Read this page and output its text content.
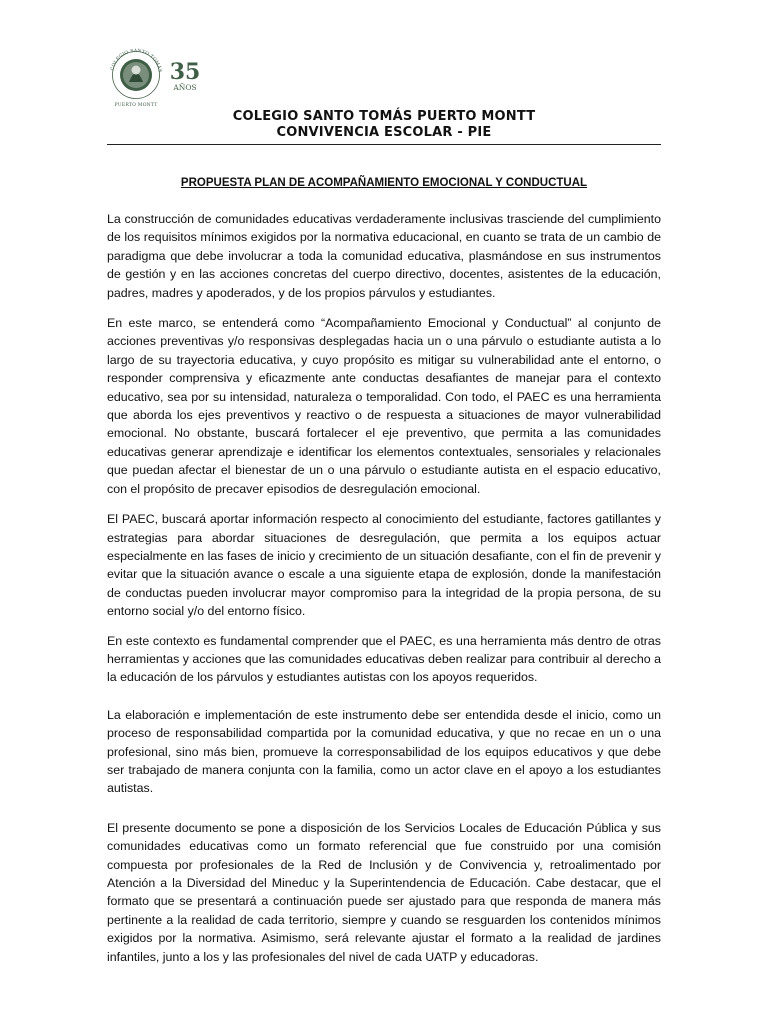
COLEGIO SANTO TOMÁS
PUERTO MONTT
35
AÑOS
COLEGIO SANTO TOMÁS PUERTO MONTT
CONVIVENCIA ESCOLAR - PIE
PROPUESTA PLAN DE ACOMPAÑAMIENTO EMOCIONAL Y CONDUCTUAL

La construcción de comunidades educativas verdaderamente inclusivas trasciende del cumplimiento de los requisitos mínimos exigidos por la normativa educacional, en cuanto se trata de un cambio de paradigma que debe involucrar a toda la comunidad educativa, plasmándose en sus instrumentos de gestión y en las acciones concretas del cuerpo directivo, docentes, asistentes de la educación, padres, madres y apoderados, y de los propios párvulos y estudiantes.

En este marco, se entenderá como “Acompañamiento Emocional y Conductual” al conjunto de acciones preventivas y/o responsivas desplegadas hacia un o una párvulo o estudiante autista a lo largo de su trayectoria educativa, y cuyo propósito es mitigar su vulnerabilidad ante el entorno, o responder comprensiva y eficazmente ante conductas desafiantes de manejar para el contexto educativo, sea por su intensidad, naturaleza o temporalidad. Con todo, el PAEC es una herramienta que aborda los ejes preventivos y reactivo o de respuesta a situaciones de mayor vulnerabilidad emocional. No obstante, buscará fortalecer el eje preventivo, que permita a las comunidades educativas generar aprendizaje e identificar los elementos contextuales, sensoriales y relacionales que puedan afectar el bienestar de un o una párvulo o estudiante autista en el espacio educativo, con el propósito de precaver episodios de desregulación emocional.

El PAEC, buscará aportar información respecto al conocimiento del estudiante, factores gatillantes y estrategias para abordar situaciones de desregulación, que permita a los equipos actuar especialmente en las fases de inicio y crecimiento de un situación desafiante, con el fin de prevenir y evitar que la situación avance o escale a una siguiente etapa de explosión, donde la manifestación de conductas pueden involucrar mayor compromiso para la integridad de la propia persona, de su entorno social y/o del entorno físico.

En este contexto es fundamental comprender que el PAEC, es una herramienta más dentro de otras herramientas y acciones que las comunidades educativas deben realizar para contribuir al derecho a la educación de los párvulos y estudiantes autistas con los apoyos requeridos.

La elaboración e implementación de este instrumento debe ser entendida desde el inicio, como un proceso de responsabilidad compartida por la comunidad educativa, y que no recae en un o una profesional, sino más bien, promueve la corresponsabilidad de los equipos educativos y que debe ser trabajado de manera conjunta con la familia, como un actor clave en el apoyo a los estudiantes autistas.

El presente documento se pone a disposición de los Servicios Locales de Educación Pública y sus comunidades educativas como un formato referencial que fue construido por una comisión compuesta por profesionales de la Red de Inclusión y de Convivencia y, retroalimentado por Atención a la Diversidad del Mineduc y la Superintendencia de Educación. Cabe destacar, que el formato que se presentará a continuación puede ser ajustado para que responda de manera más pertinente a la realidad de cada territorio, siempre y cuando se resguarden los contenidos mínimos exigidos por la normativa. Asimismo, será relevante ajustar el formato a la realidad de jardines infantiles, junto a los y las profesionales del nivel de cada UATP y educadoras.
